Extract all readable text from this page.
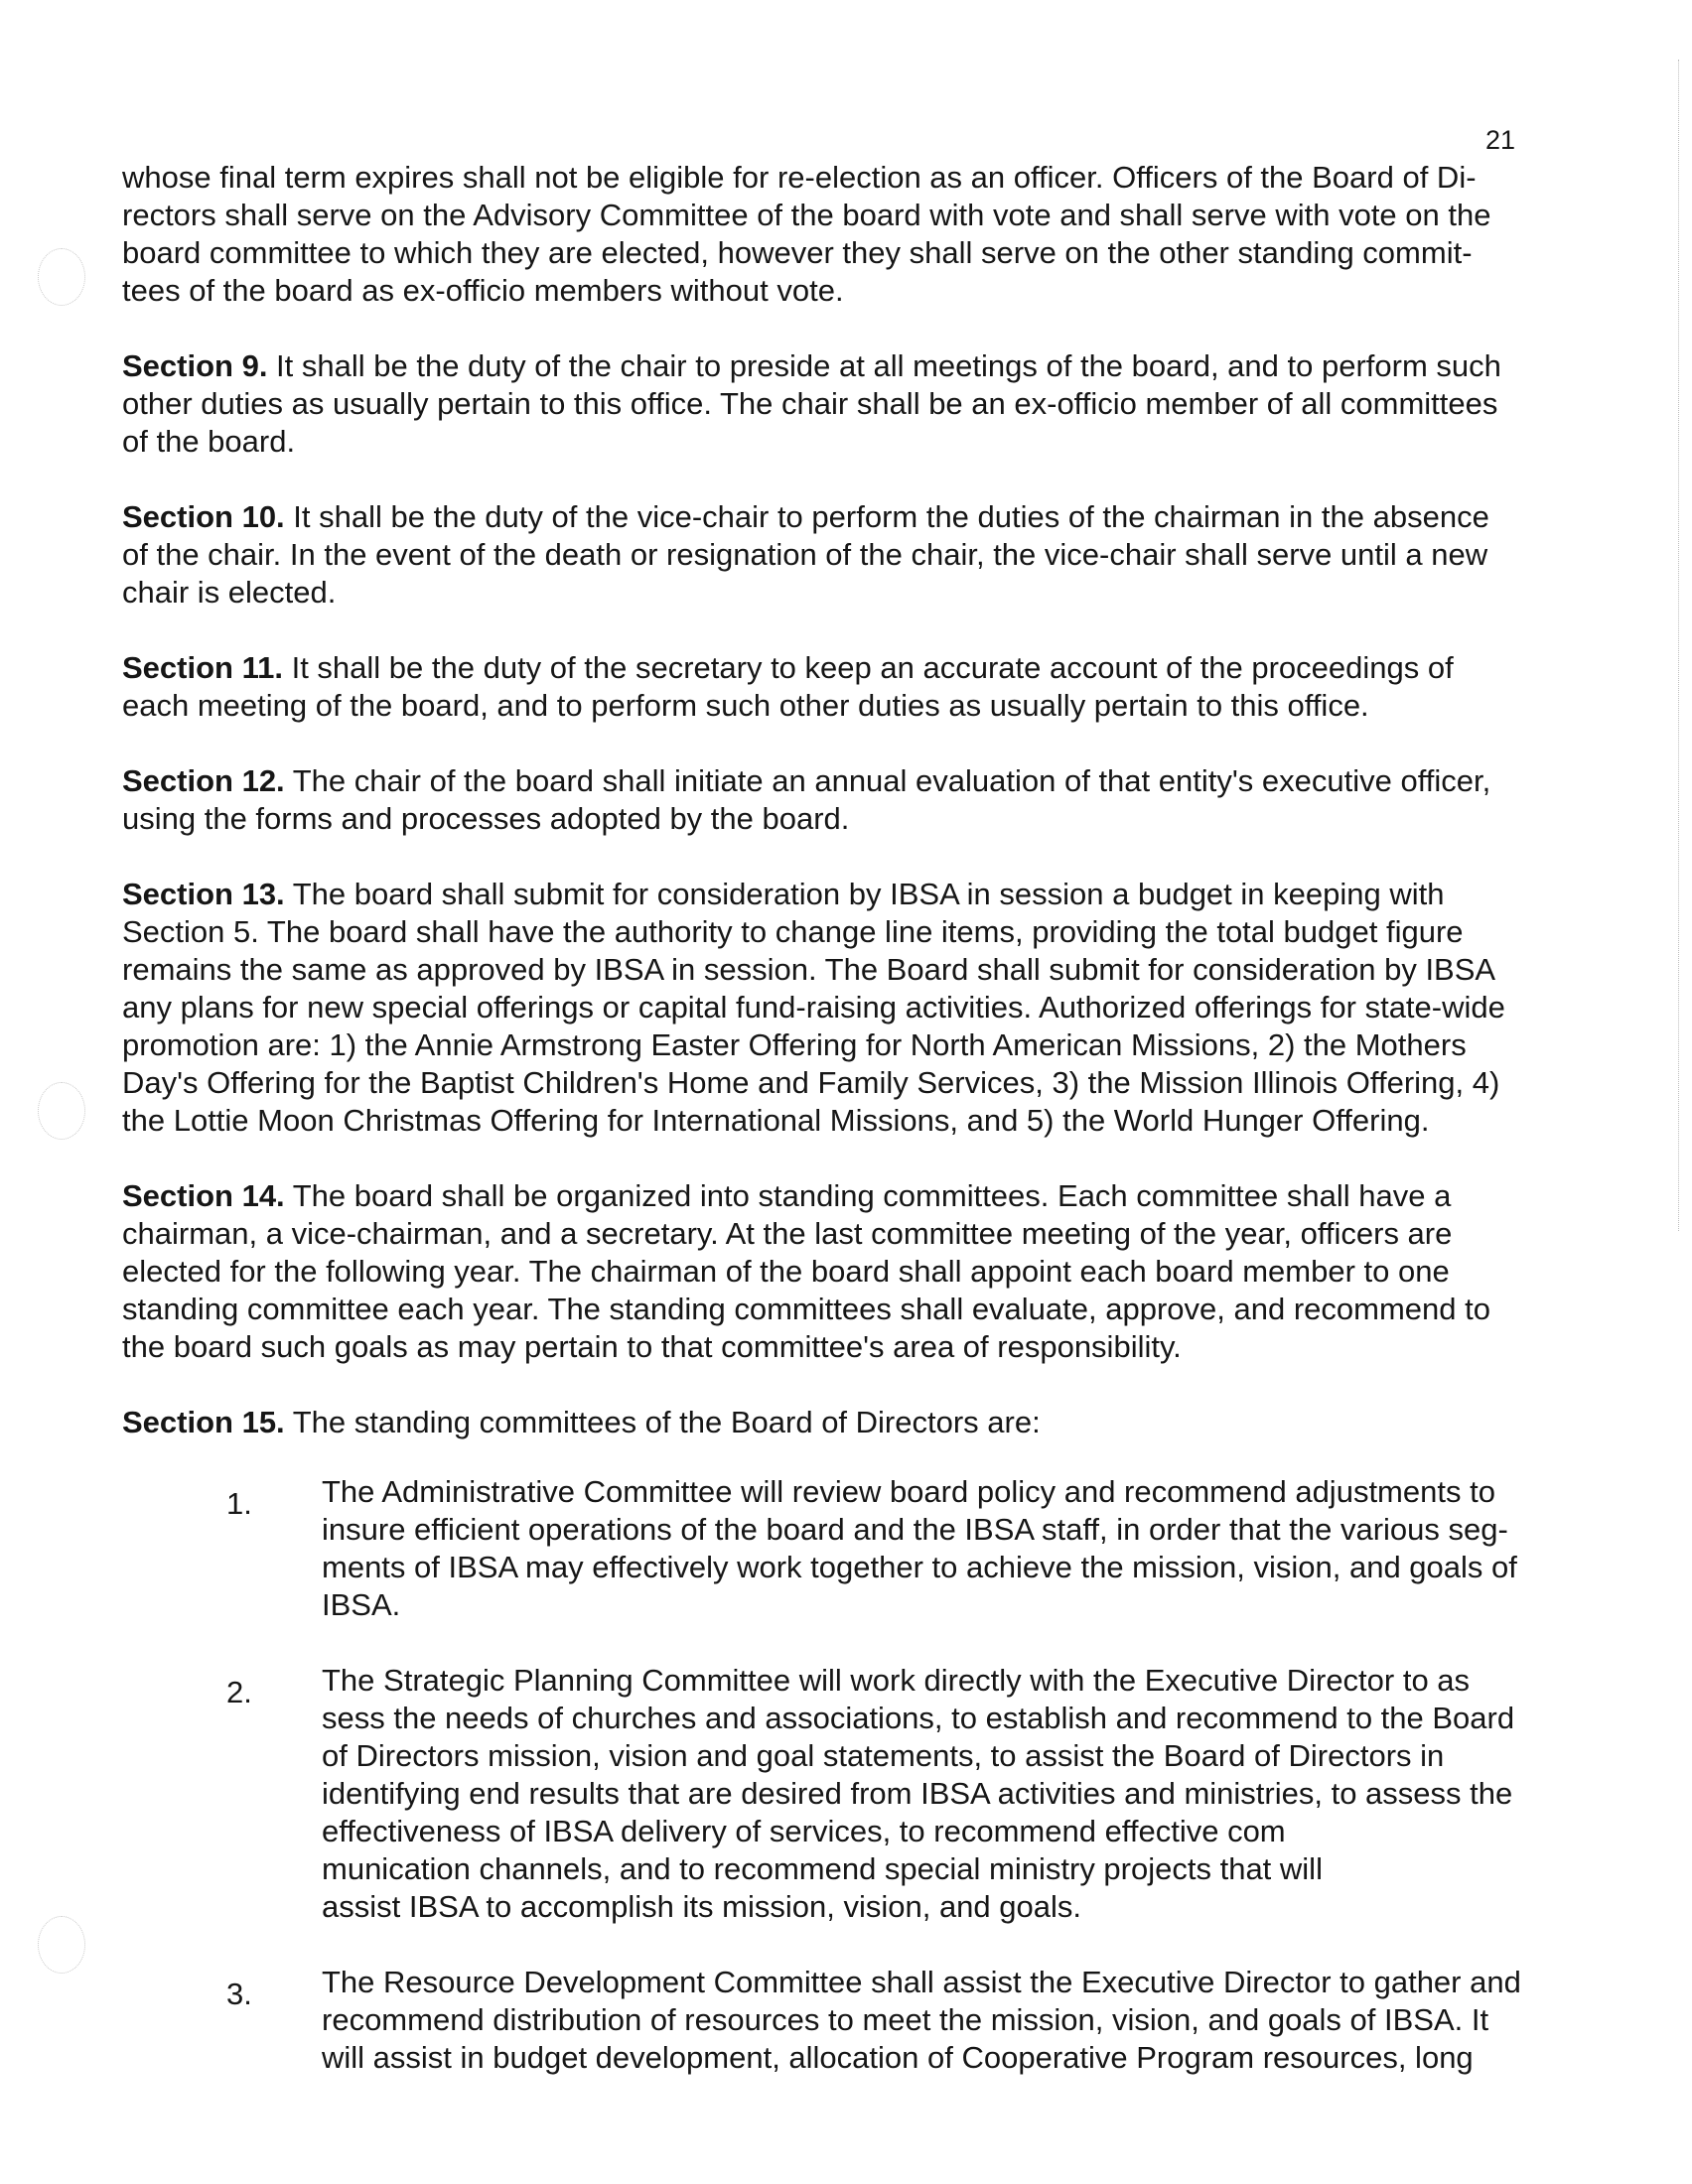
21

whose final term expires shall not be eligible for re-election as an officer. Officers of the Board of Di-
rectors shall serve on the Advisory Committee of the board with vote and shall serve with vote on the
board committee to which they are elected, however they shall serve on the other standing commit-
tees of the board as ex-officio members without vote.

Section 9. It shall be the duty of the chair to preside at all meetings of the board, and to perform such
other duties as usually pertain to this office. The chair shall be an ex-officio member of all committees
of the board.

Section 10. It shall be the duty of the vice-chair to perform the duties of the chairman in the absence
of the chair. In the event of the death or resignation of the chair, the vice-chair shall serve until a new
chair is elected.

Section 11. It shall be the duty of the secretary to keep an accurate account of the proceedings of
each meeting of the board, and to perform such other duties as usually pertain to this office.

Section 12. The chair of the board shall initiate an annual evaluation of that entity's executive officer,
using the forms and processes adopted by the board.

Section 13. The board shall submit for consideration by IBSA in session a budget in keeping with
Section 5. The board shall have the authority to change line items, providing the total budget figure
remains the same as approved by IBSA in session. The Board shall submit for consideration by IBSA
any plans for new special offerings or capital fund-raising activities. Authorized offerings for state-wide
promotion are: 1) the Annie Armstrong Easter Offering for North American Missions, 2) the Mothers
Day's Offering for the Baptist Children's Home and Family Services, 3) the Mission Illinois Offering, 4)
the Lottie Moon Christmas Offering for International Missions, and 5) the World Hunger Offering.

Section 14. The board shall be organized into standing committees. Each committee shall have a
chairman, a vice-chairman, and a secretary. At the last committee meeting of the year, officers are
elected for the following year. The chairman of the board shall appoint each board member to one
standing committee each year. The standing committees shall evaluate, approve, and recommend to
the board such goals as may pertain to that committee's area of responsibility.

Section 15. The standing committees of the Board of Directors are:

1. The Administrative Committee will review board policy and recommend adjustments to
insure efficient operations of the board and the IBSA staff, in order that the various seg-
ments of IBSA may effectively work together to achieve the mission, vision, and goals of
IBSA.
2. The Strategic Planning Committee will work directly with the Executive Director to as
sess the needs of churches and associations, to establish and recommend to the Board
of Directors mission, vision and goal statements, to assist the Board of Directors in
identifying end results that are desired from IBSA activities and ministries, to assess the
effectiveness of IBSA delivery of services, to recommend effective com
munication channels, and to recommend special ministry projects that will
assist IBSA to accomplish its mission, vision, and goals.
3. The Resource Development Committee shall assist the Executive Director to gather and
recommend distribution of resources to meet the mission, vision, and goals of IBSA. It
will assist in budget development, allocation of Cooperative Program resources, long
